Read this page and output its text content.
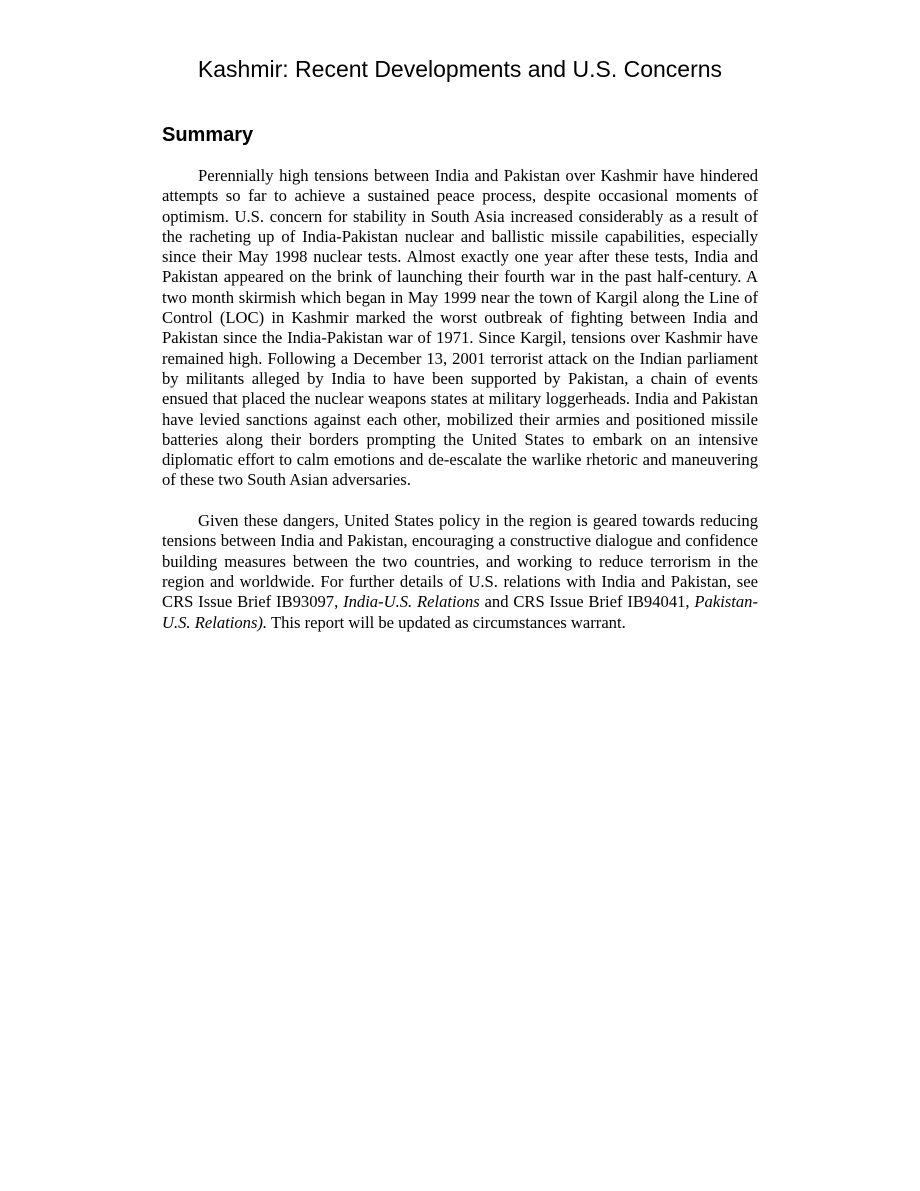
Kashmir: Recent Developments and U.S. Concerns
Summary

Perennially high tensions between India and Pakistan over Kashmir have hindered attempts so far to achieve a sustained peace process, despite occasional moments of optimism. U.S. concern for stability in South Asia increased considerably as a result of the racheting up of India-Pakistan nuclear and ballistic missile capabilities, especially since their May 1998 nuclear tests. Almost exactly one year after these tests, India and Pakistan appeared on the brink of launching their fourth war in the past half-century. A two month skirmish which began in May 1999 near the town of Kargil along the Line of Control (LOC) in Kashmir marked the worst outbreak of fighting between India and Pakistan since the India-Pakistan war of 1971. Since Kargil, tensions over Kashmir have remained high. Following a December 13, 2001 terrorist attack on the Indian parliament by militants alleged by India to have been supported by Pakistan, a chain of events ensued that placed the nuclear weapons states at military loggerheads. India and Pakistan have levied sanctions against each other, mobilized their armies and positioned missile batteries along their borders prompting the United States to embark on an intensive diplomatic effort to calm emotions and de-escalate the warlike rhetoric and maneuvering of these two South Asian adversaries.

Given these dangers, United States policy in the region is geared towards reducing tensions between India and Pakistan, encouraging a constructive dialogue and confidence building measures between the two countries, and working to reduce terrorism in the region and worldwide. For further details of U.S. relations with India and Pakistan, see CRS Issue Brief IB93097, India-U.S. Relations and CRS Issue Brief IB94041, Pakistan-U.S. Relations). This report will be updated as circumstances warrant.
